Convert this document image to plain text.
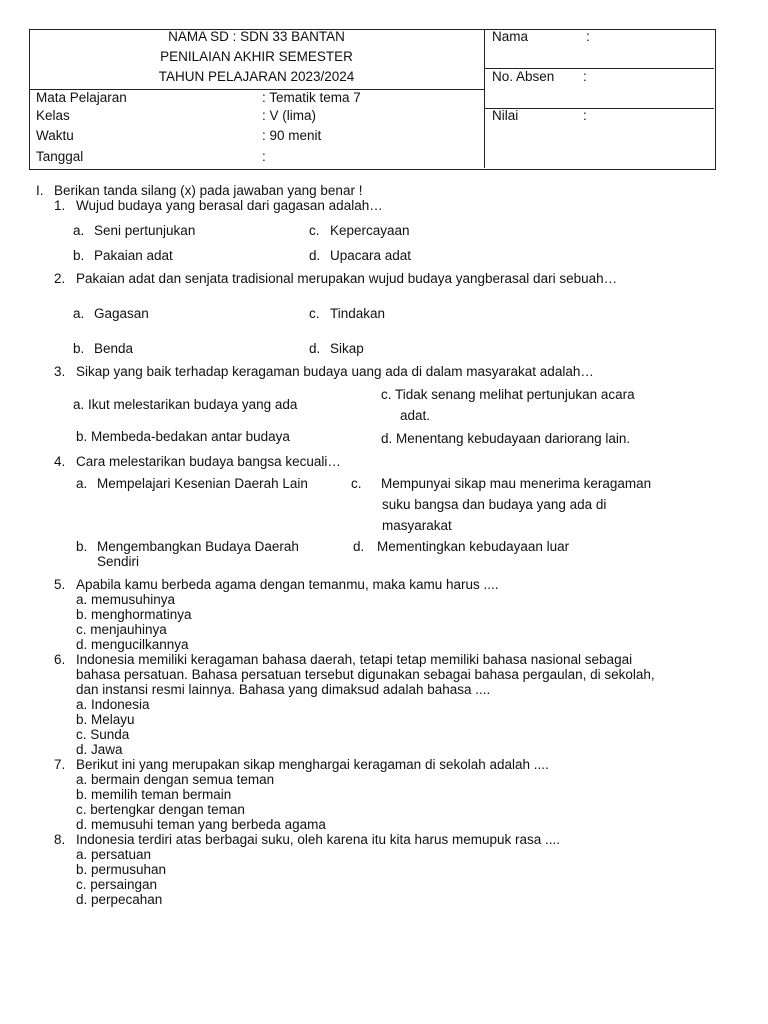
NAMA SD : SDN 33 BANTAN
PENILAIAN AKHIR SEMESTER
TAHUN PELAJARAN 2023/2024
Mata Pelajaran	: Tematik tema 7
Kelas	: V (lima)
Waktu	: 90 menit
Tanggal	:
Nama	:
No. Absen :
Nilai	:
I. Berikan tanda silang (x) pada jawaban yang benar !
1. Wujud budaya yang berasal dari gagasan adalah…
a. Seni pertunjukan
b. Pakaian adat
c. Kepercayaan
d. Upacara adat
2. Pakaian adat dan senjata tradisional merupakan wujud budaya yangberasal dari sebuah…
a. Gagasan
b. Benda
c. Tindakan
d. Sikap
3. Sikap yang baik terhadap keragaman budaya uang ada di dalam masyarakat adalah…
a. Ikut melestarikan budaya yang ada
b. Membeda-bedakan antar budaya
c. Tidak senang melihat pertunjukan acara
adat.
d. Menentang kebudayaan dariorang lain.
4. Cara melestarikan budaya bangsa kecuali…
a. Mempelajari Kesenian Daerah Lain
b. Mengembangkan Budaya Daerah
Sendiri
c. Mempunyai sikap mau menerima keragaman
suku bangsa dan budaya yang ada di
masyarakat
d. Mementingkan kebudayaan luar
5. Apabila kamu berbeda agama dengan temanmu, maka kamu harus ....
a. memusuhinya
b. menghormatinya
c. menjauhinya
d. mengucilkannya
6. Indonesia memiliki keragaman bahasa daerah, tetapi tetap memiliki bahasa nasional sebagai
bahasa persatuan. Bahasa persatuan tersebut digunakan sebagai bahasa pergaulan, di sekolah,
dan instansi resmi lainnya. Bahasa yang dimaksud adalah bahasa ....
a. Indonesia
b. Melayu
c. Sunda
d. Jawa
7. Berikut ini yang merupakan sikap menghargai keragaman di sekolah adalah ....
a. bermain dengan semua teman
b. memilih teman bermain
c. bertengkar dengan teman
d. memusuhi teman yang berbeda agama
8. Indonesia terdiri atas berbagai suku, oleh karena itu kita harus memupuk rasa ....
a. persatuan
b. permusuhan
c. persaingan
d. perpecahan
